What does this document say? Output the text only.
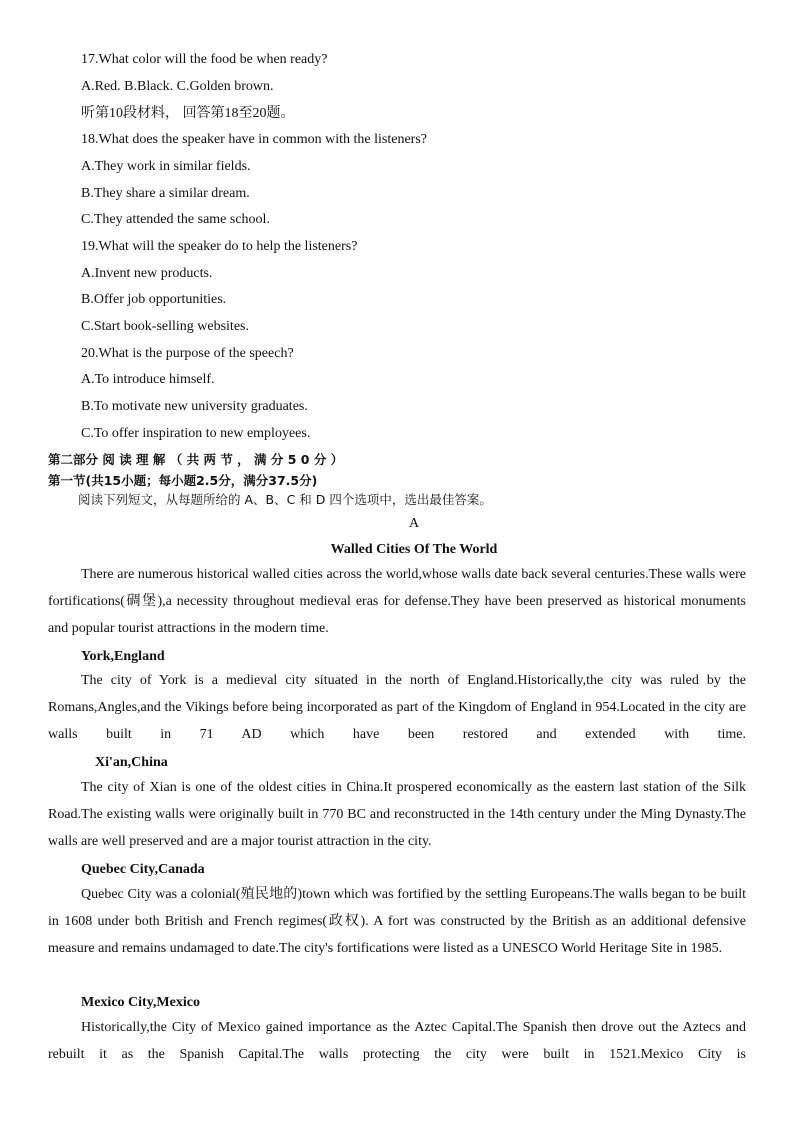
17.What color will the food be when ready?
A.Red. B.Black. C.Golden brown.
听第10段材料， 回答第18至20题。
18.What does the speaker have in common with the listeners?
A.They work in similar fields.
B.They share a similar dream.
C.They attended the same school.
19.What will the speaker do to help the listeners?
A.Invent new products.
B.Offer job opportunities.
C.Start book-selling websites.
20.What is the purpose of the speech?
A.To introduce himself.
B.To motivate new university graduates.
C.To offer inspiration to new employees.
第二部分 阅 读 理 解 （ 共 两 节 ， 满 分 5 0 分 ）
第一节(共15小题；每小题2.5分，满分37.5分)
阅读下列短文，从每题所给的 A、B、C 和 D 四个选项中，选出最佳答案。
A
Walled Cities Of The World

There are numerous historical walled cities across the world,whose walls date back several centuries.These walls were fortifications(碉堡),a necessity throughout medieval eras for defense.They have been preserved as historical monuments and popular tourist attractions in the modern time.

York,England

The city of York is a medieval city situated in the north of England.Historically,the city was ruled by the Romans,Angles,and the Vikings before being incorporated as part of the Kingdom of England in 954.Located in the city are walls built in 71 AD which have been restored and extended with time.

Xi'an,China

The city of Xian is one of the oldest cities in China.It prospered economically as the eastern last station of the Silk Road.The existing walls were originally built in 770 BC and reconstructed in the 14th century under the Ming Dynasty.The walls are well preserved and are a major tourist attraction in the city.

Quebec City,Canada

Quebec City was a colonial(殖民地的)town which was fortified by the settling Europeans.The walls began to be built in 1608 under both British and French regimes(政权). A fort was constructed by the British as an additional defensive measure and remains undamaged to date.The city's fortifications were listed as a UNESCO World Heritage Site in 1985.

Mexico City,Mexico

Historically,the City of Mexico gained importance as the Aztec Capital.The Spanish then drove out the Aztecs and rebuilt it as the Spanish Capital.The walls protecting the city were built in 1521.Mexico City is
